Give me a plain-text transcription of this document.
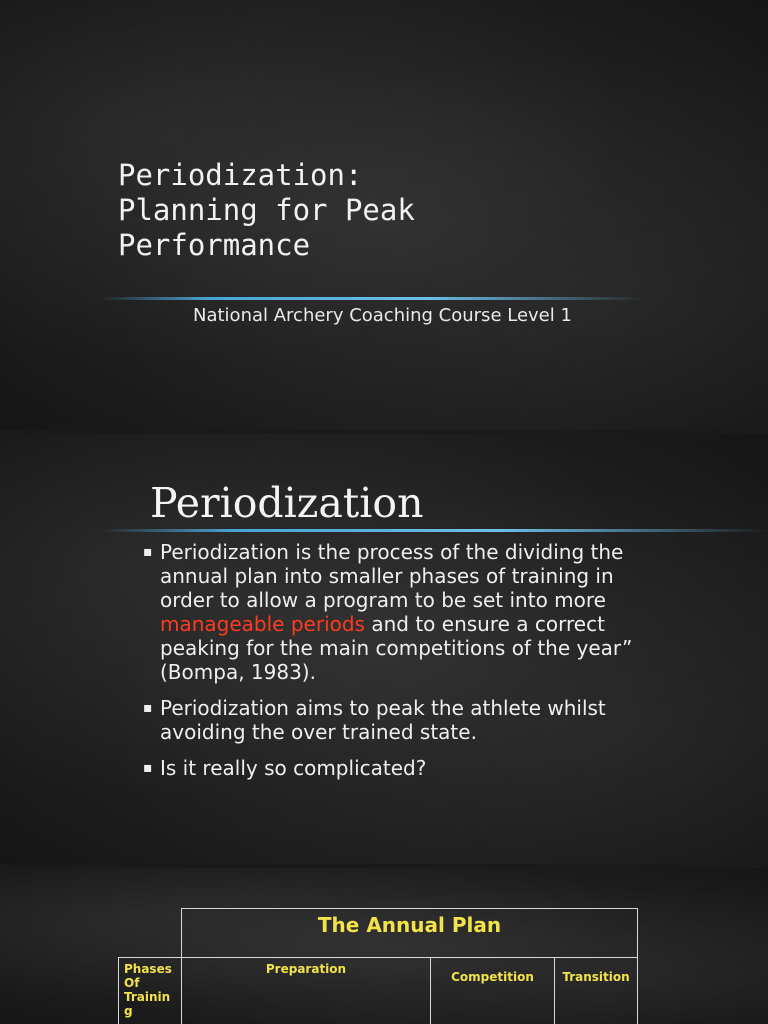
Periodization:
Planning for Peak
Performance
National Archery Coaching Course Level 1
Periodization
▪ Periodization is the process of the dividing the annual plan into smaller phases of training in order to allow a program to be set into more manageable periods and to ensure a correct peaking for the main competitions of the year” (Bompa, 1983).
▪ Periodization aims to peak the athlete whilst avoiding the over trained state.
▪ Is it really so complicated?
	The Annual Plan		
Phases Of Trainin g	Preparation	Competition	Transition
